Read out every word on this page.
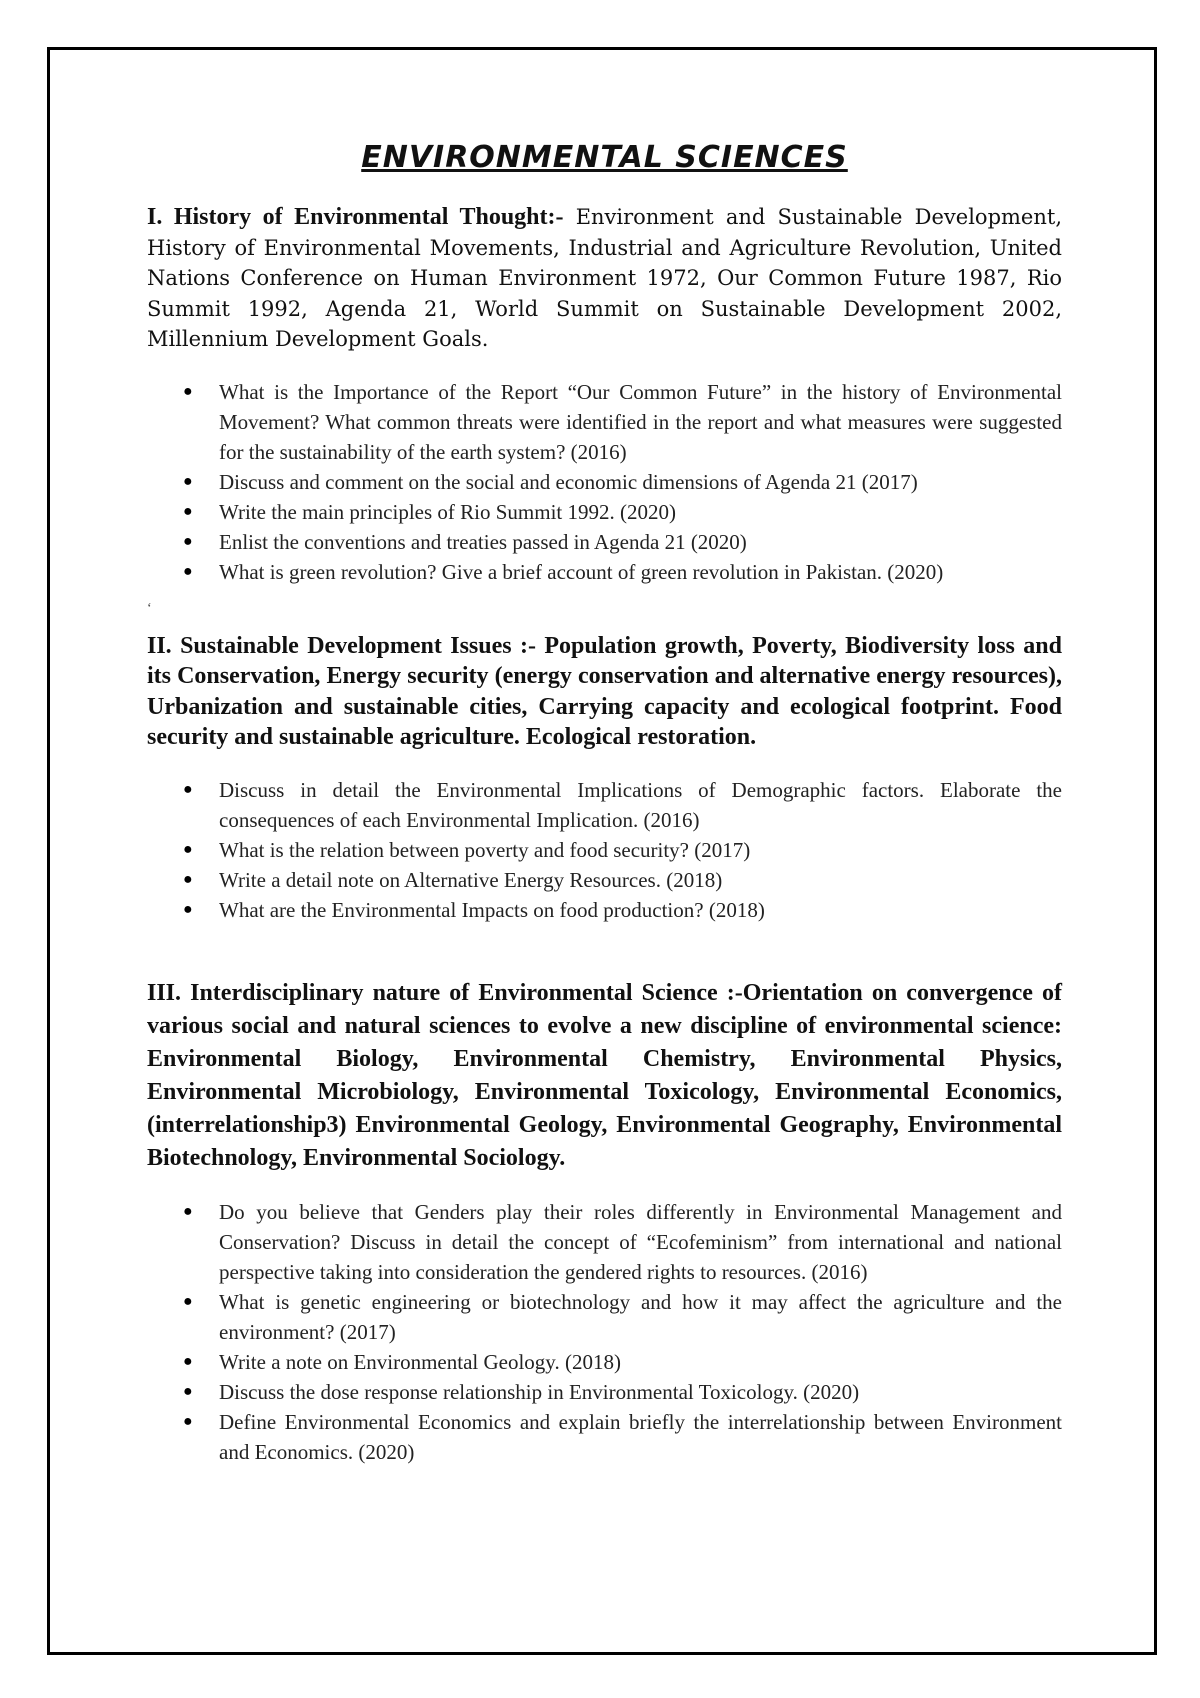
ENVIRONMENTAL SCIENCES

I. History of Environmental Thought:- Environment and Sustainable Development, History of Environmental Movements, Industrial and Agriculture Revolution, United Nations Conference on Human Environment 1972, Our Common Future 1987, Rio Summit 1992, Agenda 21, World Summit on Sustainable Development 2002, Millennium Development Goals.

● What is the Importance of the Report “Our Common Future” in the history of Environmental Movement? What common threats were identified in the report and what measures were suggested for the sustainability of the earth system? (2016)
● Discuss and comment on the social and economic dimensions of Agenda 21 (2017)
● Write the main principles of Rio Summit 1992. (2020)
● Enlist the conventions and treaties passed in Agenda 21 (2020)
● What is green revolution? Give a brief account of green revolution in Pakistan. (2020)
‘

II. Sustainable Development Issues :- Population growth, Poverty, Biodiversity loss and its Conservation, Energy security (energy conservation and alternative energy resources), Urbanization and sustainable cities, Carrying capacity and ecological footprint. Food security and sustainable agriculture. Ecological restoration.

● Discuss in detail the Environmental Implications of Demographic factors. Elaborate the consequences of each Environmental Implication. (2016)
● What is the relation between poverty and food security? (2017)
● Write a detail note on Alternative Energy Resources. (2018)
● What are the Environmental Impacts on food production? (2018)

III. Interdisciplinary nature of Environmental Science :-Orientation on convergence of various social and natural sciences to evolve a new discipline of environmental science: Environmental Biology, Environmental Chemistry, Environmental Physics, Environmental Microbiology, Environmental Toxicology, Environmental Economics,(interrelationship3) Environmental Geology, Environmental Geography, Environmental Biotechnology, Environmental Sociology.

● Do you believe that Genders play their roles differently in Environmental Management and Conservation? Discuss in detail the concept of “Ecofeminism” from international and national perspective taking into consideration the gendered rights to resources. (2016)
● What is genetic engineering or biotechnology and how it may affect the agriculture and the environment? (2017)
● Write a note on Environmental Geology. (2018)
● Discuss the dose response relationship in Environmental Toxicology. (2020)
● Define Environmental Economics and explain briefly the interrelationship between Environment and Economics. (2020)
